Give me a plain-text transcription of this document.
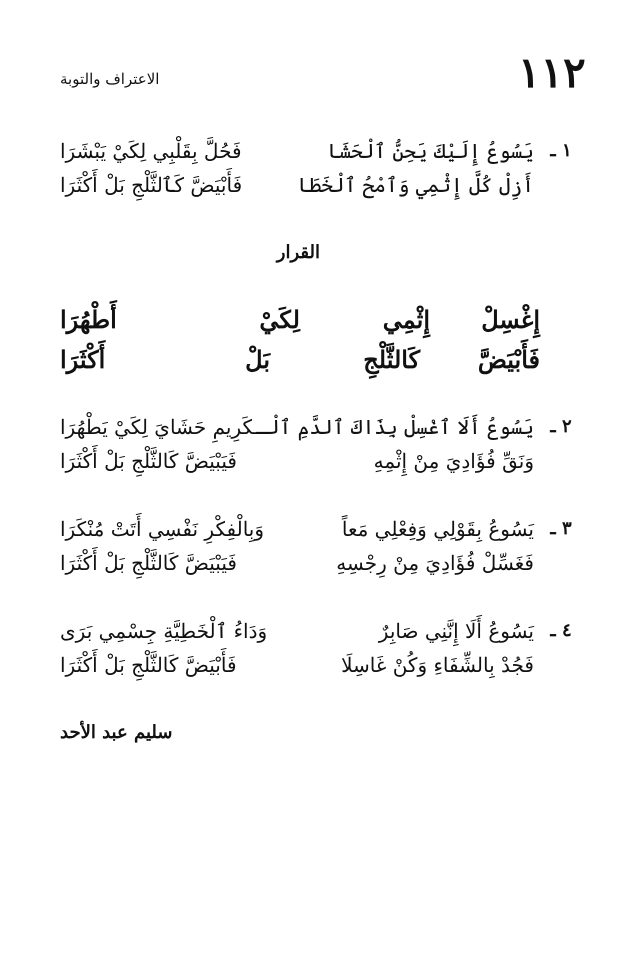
١١٢
الاعتراف والتوبة
١ ـ
يَسُوعُ إِلَيْكَ يَحِنُّ ٱلْحَشَا
فَحُلَّ بِقَلْبِي لِكَيْ يَبْشَرَا
أَزِلْ كُلَّ إِثْمِي وَٱمْحُ ٱلْخَطَا
فَأَبْيَضَّ كَٱلثَّلْجِ بَلْ أَكْثَرَا
القرار
إِغْسِلْ
إِثْمِي
لِكَيْ
أَطْهُرَا
فَأَبْيَضَّ
كَالثَّلْجِ
بَلْ
أَكْثَرَا
٢ ـ
يَسُوعُ أَلَا ٱغْسِلْ بِذَاكَ ٱلدَّمِ ٱلْـ
ـكَرِيمِ حَشَايَ لِكَيْ يَطْهُرَا
وَنَقِّ فُؤَادِيَ مِنْ إِثْمِهِ
فَيَبْيَضَّ كَالثَّلْجِ بَلْ أَكْثَرَا
٣ ـ
يَسُوعُ بِقَوْلِي وَفِعْلِي مَعاً
وَبِالْفِكْرِ نَفْسِي أَتَتْ مُنْكَرَا
فَغَسِّلْ فُؤَادِيَ مِنْ رِجْسِهِ
فَيَبْيَضَّ كَالثَّلْجِ بَلْ أَكْثَرَا
٤ ـ
يَسُوعُ أَلَا إِنَّنِي صَابِرٌ
وَدَاءُ ٱلْخَطِيَّةِ جِسْمِي بَرَى
فَجُدْ بِالشِّفَاءِ وَكُنْ غَاسِلَا
فَأَبْيَضَّ كَالثَّلْجِ بَلْ أَكْثَرَا
سليم عبد الأحد
